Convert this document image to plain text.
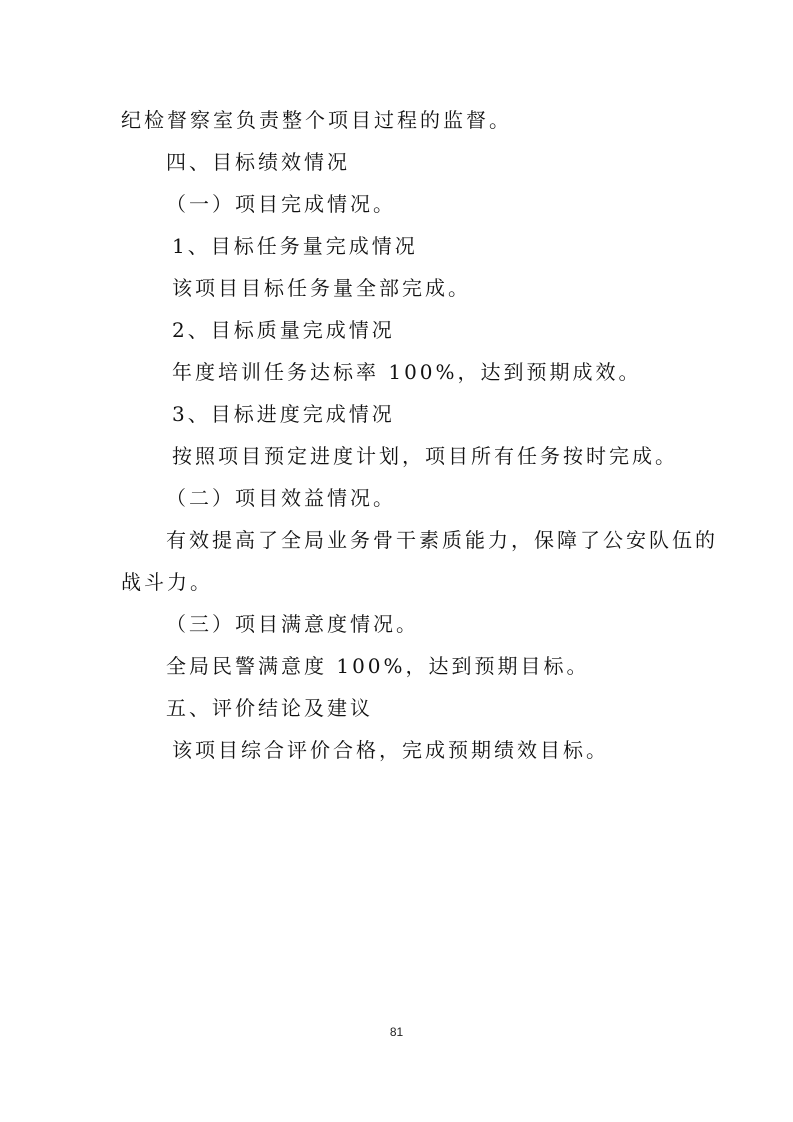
纪检督察室负责整个项目过程的监督。
四、目标绩效情况
（一）项目完成情况。
1、目标任务量完成情况
该项目目标任务量全部完成。
2、目标质量完成情况
年度培训任务达标率 100%，达到预期成效。
3、目标进度完成情况
按照项目预定进度计划，项目所有任务按时完成。
（二）项目效益情况。
有效提高了全局业务骨干素质能力，保障了公安队伍的
战斗力。
（三）项目满意度情况。
全局民警满意度 100%，达到预期目标。
五、评价结论及建议
该项目综合评价合格，完成预期绩效目标。
81
